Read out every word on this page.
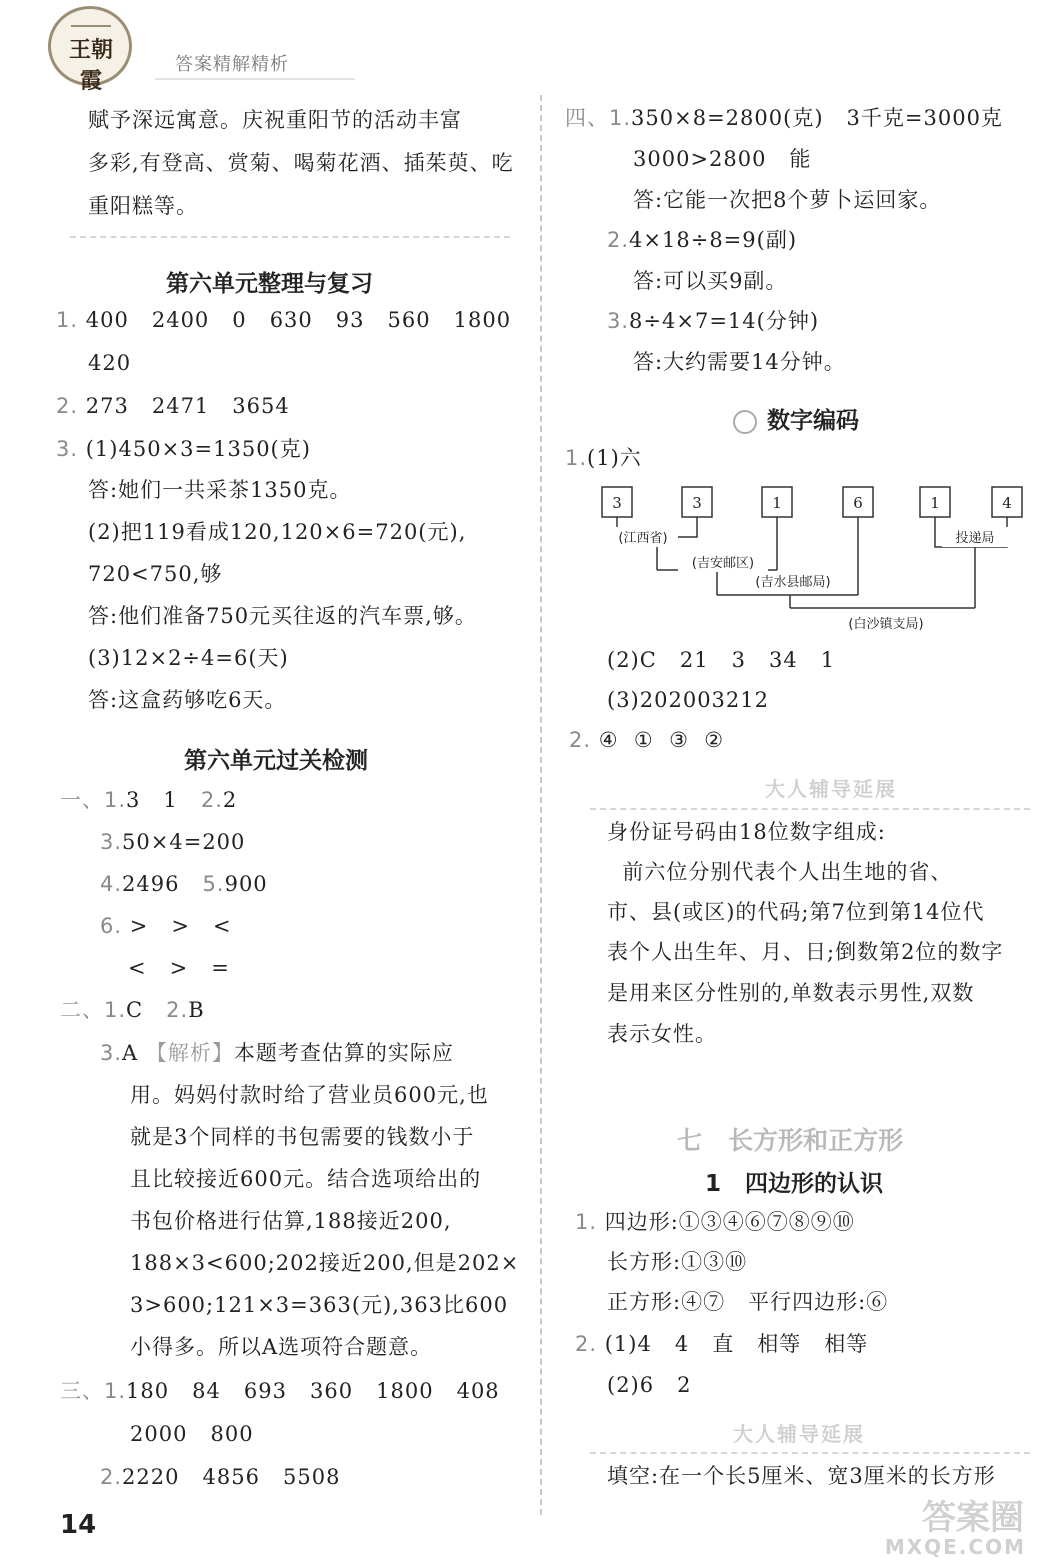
王朝霞
答案精解精析
赋予深远寓意。庆祝重阳节的活动丰富
多彩,有登高、赏菊、喝菊花酒、插茱萸、吃
重阳糕等。
第六单元整理与复习
1. 400   2400   0   630   93   560   1800
420
2. 273   2471   3654
3. (1)450×3=1350(克)
答:她们一共采茶1350克。
(2)把119看成120,120×6=720(元),
720<750,够
答:他们准备750元买往返的汽车票,够。
(3)12×2÷4=6(天)
答:这盒药够吃6天。
第六单元过关检测
一、1.3   1   2.2
3.50×4=200
4.2496   5.900
6. >   >   <
<   >   =
二、1.C   2.B
3.A 【解析】本题考查估算的实际应
用。妈妈付款时给了营业员600元,也
就是3个同样的书包需要的钱数小于
且比较接近600元。结合选项给出的
书包价格进行估算,188接近200,
188×3<600;202接近200,但是202×
3>600;121×3=363(元),363比600
小得多。所以A选项符合题意。
三、1.180   84   693   360   1800   408
2000   800
2.2220   4856   5508
四、1.350×8=2800(克)   3千克=3000克
3000>2800   能
答:它能一次把8个萝卜运回家。
2.4×18÷8=9(副)
答:可以买9副。
3.8÷4×7=14(分钟)
答:大约需要14分钟。
数字编码
1.(1)六
3	3	1	6	1	4
(江西省)
(吉安邮区)
(吉水县邮局)
(白沙镇支局)
投递局
(2)C   21   3   34   1
(3)202003212
2. ④  ①  ③  ②
大人辅导延展
身份证号码由18位数字组成:
前六位分别代表个人出生地的省、
市、县(或区)的代码;第7位到第14位代
表个人出生年、月、日;倒数第2位的数字
是用来区分性别的,单数表示男性,双数
表示女性。
七   长方形和正方形
1   四边形的认识
1. 四边形:①③④⑥⑦⑧⑨⑩
长方形:①③⑩
正方形:④⑦   平行四边形:⑥
2. (1)4   4   直   相等   相等
(2)6   2
大人辅导延展
填空:在一个长5厘米、宽3厘米的长方形
14	答案圈
MXQE.COM
